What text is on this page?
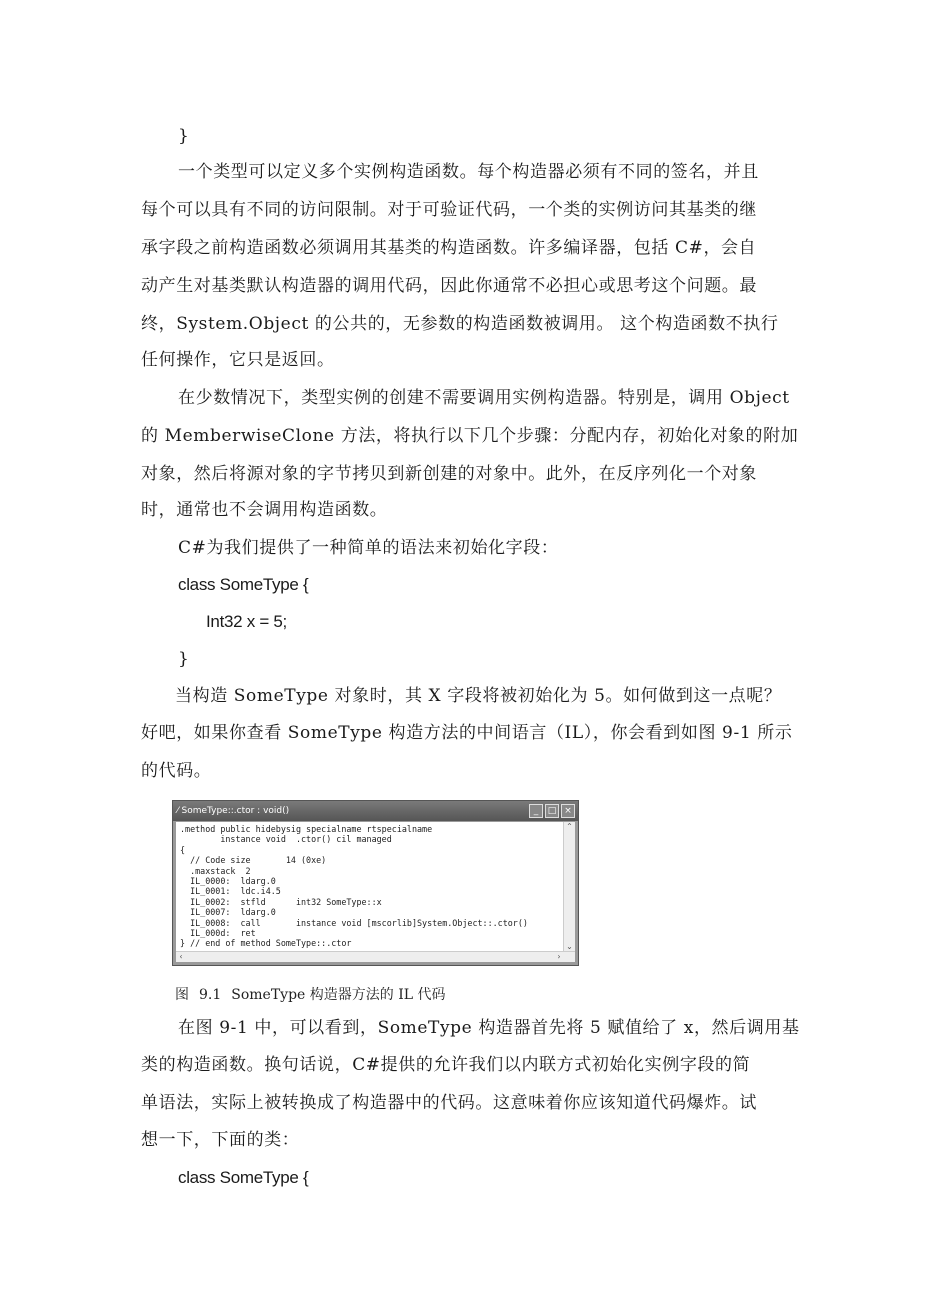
}
一个类型可以定义多个实例构造函数。每个构造器必须有不同的签名，并且
每个可以具有不同的访问限制。对于可验证代码，一个类的实例访问其基类的继
承字段之前构造函数必须调用其基类的构造函数。许多编译器，包括 C#，会自
动产生对基类默认构造器的调用代码，因此你通常不必担心或思考这个问题。最
终，System.Object 的公共的，无参数的构造函数被调用。 这个构造函数不执行
任何操作，它只是返回。
在少数情况下，类型实例的创建不需要调用实例构造器。特别是，调用 Object
的 MemberwiseClone 方法，将执行以下几个步骤：分配内存，初始化对象的附加
对象，然后将源对象的字节拷贝到新创建的对象中。此外，在反序列化一个对象
时，通常也不会调用构造函数。
C#为我们提供了一种简单的语法来初始化字段：
class SomeType {
Int32 x = 5;
}
当构造 SomeType 对象时，其 X 字段将被初始化为 5。如何做到这一点呢？
好吧，如果你查看 SomeType 构造方法的中间语言（IL），你会看到如图 9-1 所示
的代码。
在图 9-1 中，可以看到，SomeType 构造器首先将 5 赋值给了 x，然后调用基
类的构造函数。换句话说，C#提供的允许我们以内联方式初始化实例字段的简
单语法，实际上被转换成了构造器中的代码。这意味着你应该知道代码爆炸。试
想一下，下面的类：
class SomeType {
⁄ SomeType::.ctor : void()	_	□ ×
.method public hidebysig specialname rtspecialname
instance void  .ctor() cil managed
{
// Code size       14 (0xe)
.maxstack  2
IL_0000:  ldarg.0
IL_0001:  ldc.i4.5
IL_0002:  stfld      int32 SomeType::x
IL_0007:  ldarg.0
IL_0008:  call       instance void [mscorlib]System.Object::.ctor()
IL_000d:  ret
} // end of method SomeType::.ctor
⌃
⌄
‹	›
图 9.1 SomeType 构造器方法的 IL 代码
